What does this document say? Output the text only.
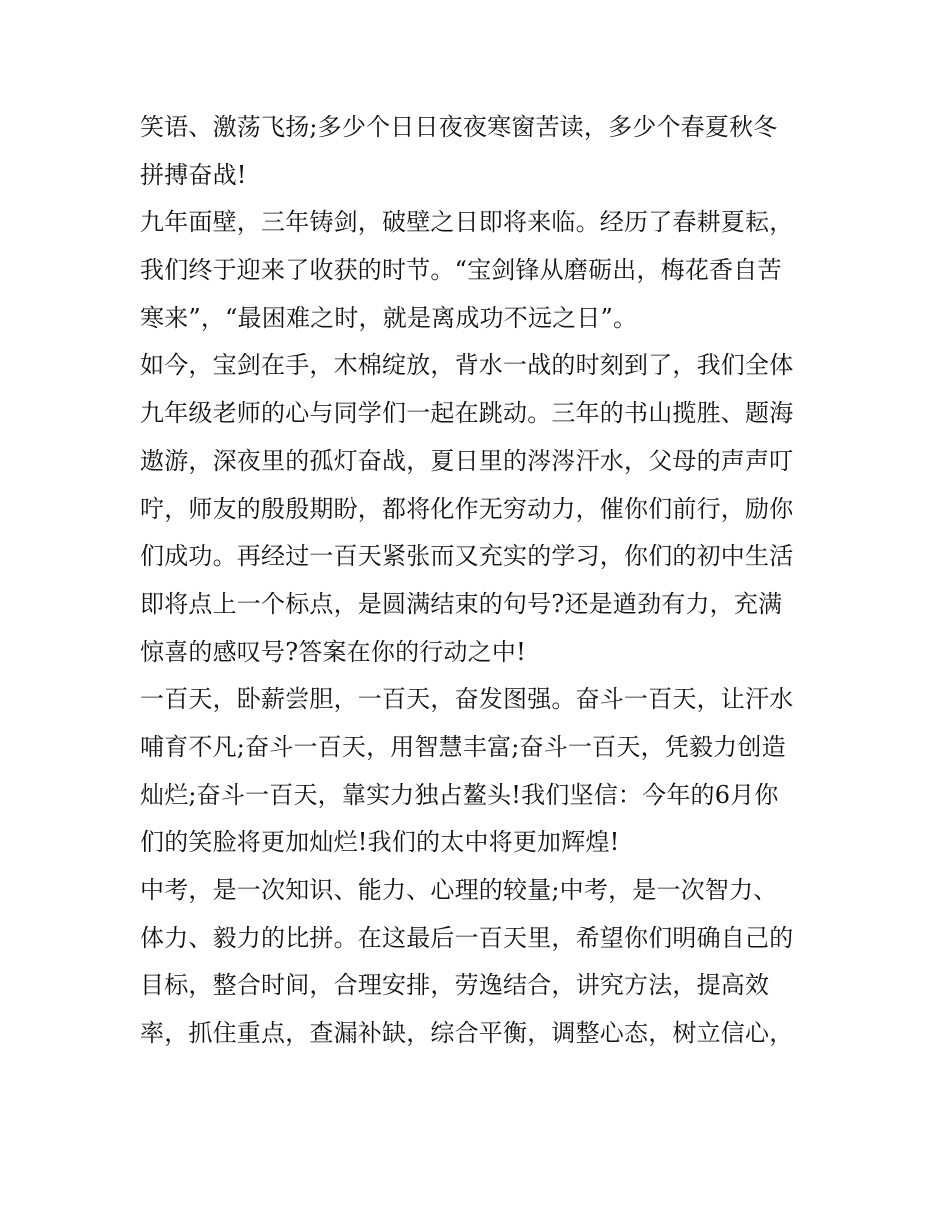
笑语、激荡飞扬;多少个日日夜夜寒窗苦读，多少个春夏秋冬
拼搏奋战!
九年面壁，三年铸剑，破壁之日即将来临。经历了春耕夏耘，
我们终于迎来了收获的时节。“宝剑锋从磨砺出，梅花香自苦
寒来”，“最困难之时，就是离成功不远之日”。
如今，宝剑在手，木棉绽放，背水一战的时刻到了，我们全体
九年级老师的心与同学们一起在跳动。三年的书山揽胜、题海
遨游，深夜里的孤灯奋战，夏日里的涔涔汗水，父母的声声叮
咛，师友的殷殷期盼，都将化作无穷动力，催你们前行，励你
们成功。再经过一百天紧张而又充实的学习，你们的初中生活
即将点上一个标点，是圆满结束的句号?还是遒劲有力，充满
惊喜的感叹号?答案在你的行动之中!
一百天，卧薪尝胆，一百天，奋发图强。奋斗一百天，让汗水
哺育不凡;奋斗一百天，用智慧丰富;奋斗一百天，凭毅力创造
灿烂;奋斗一百天，靠实力独占鳌头!我们坚信：今年的6月你
们的笑脸将更加灿烂!我们的太中将更加辉煌!
中考，是一次知识、能力、心理的较量;中考，是一次智力、
体力、毅力的比拼。在这最后一百天里，希望你们明确自己的
目标，整合时间，合理安排，劳逸结合，讲究方法，提高效
率，抓住重点，查漏补缺，综合平衡，调整心态，树立信心，
